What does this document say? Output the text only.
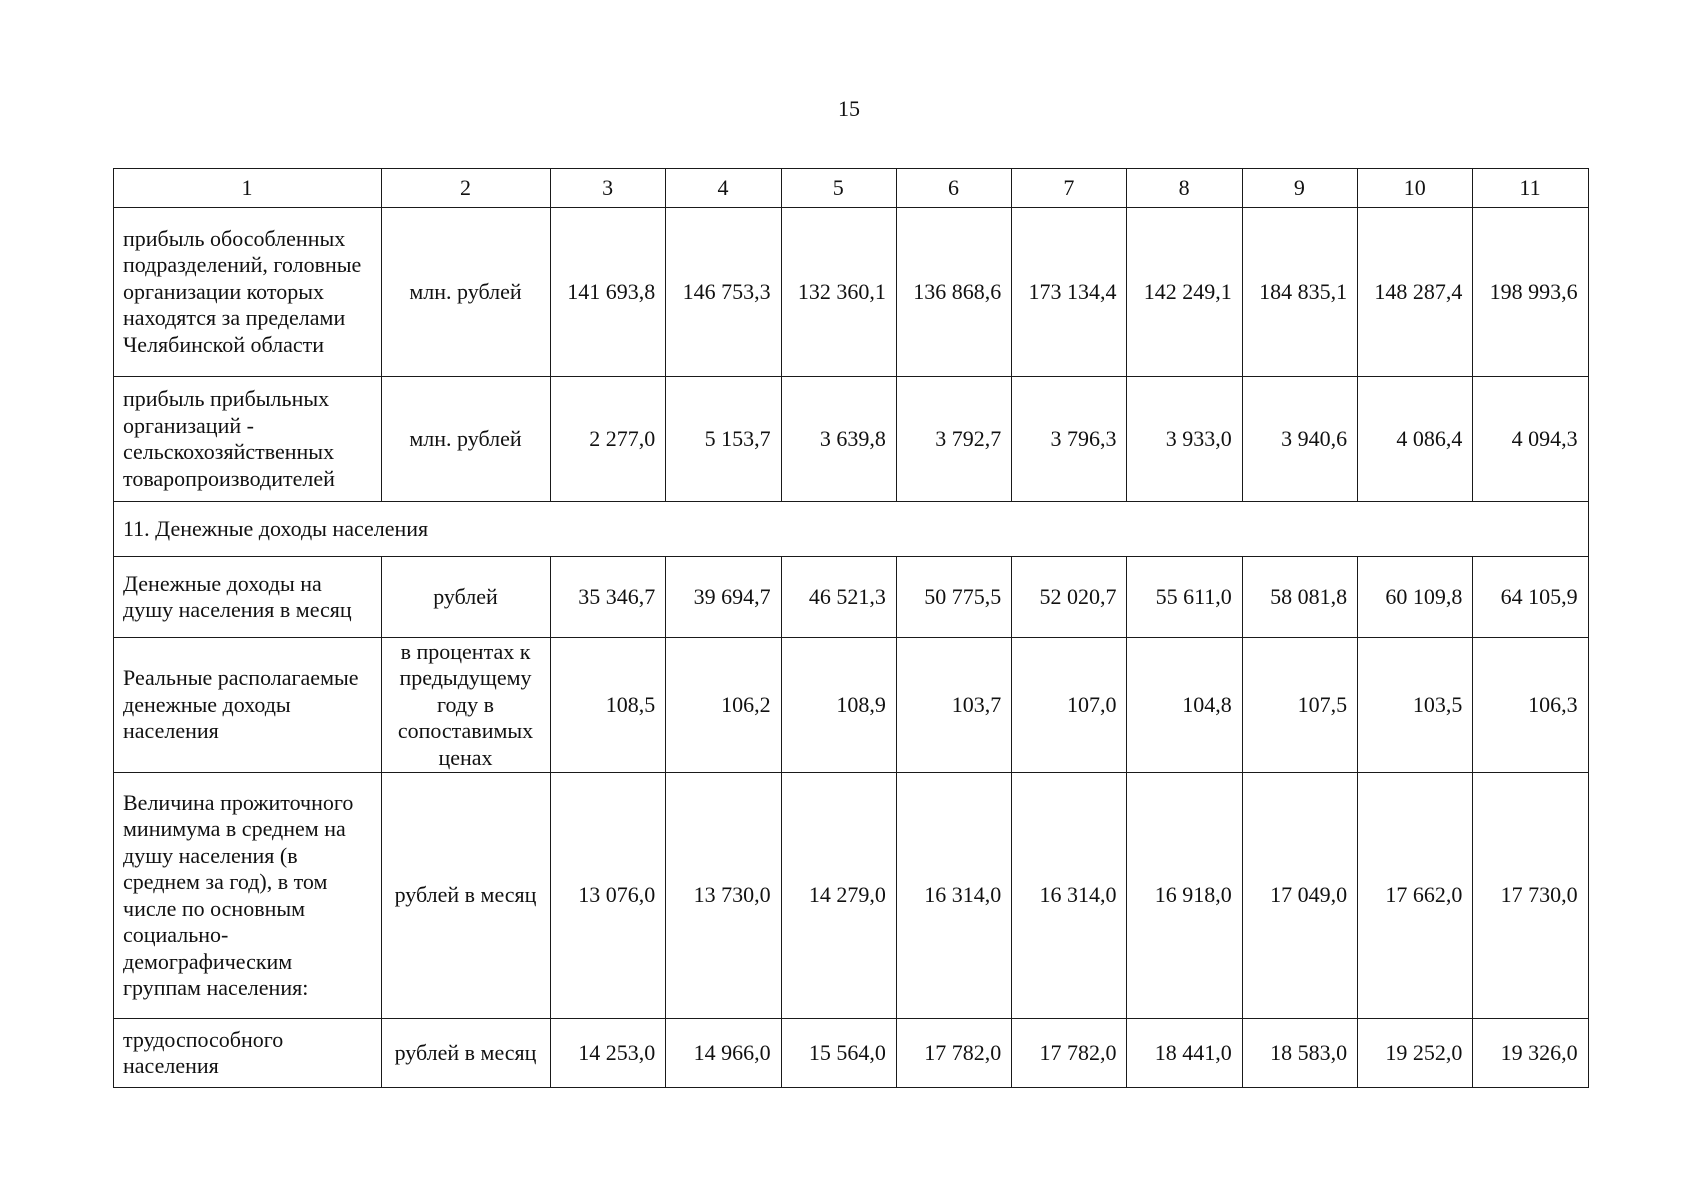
15
1	2	3	4	5	6	7	8	9	10	11
прибыль обособленных подразделений, головные организации которых находятся за пределами Челябинской области	млн. рублей	141 693,8	146 753,3	132 360,1	136 868,6	173 134,4	142 249,1	184 835,1	148 287,4	198 993,6
прибыль прибыльных организаций - сельскохозяйственных товаропроизводителей	млн. рублей	2 277,0	5 153,7	3 639,8	3 792,7	3 796,3	3 933,0	3 940,6	4 086,4	4 094,3
11. Денежные доходы населения										
Денежные доходы на душу населения в месяц	рублей	35 346,7	39 694,7	46 521,3	50 775,5	52 020,7	55 611,0	58 081,8	60 109,8	64 105,9
Реальные располагаемые денежные доходы населения	в процентах к предыдущему году в сопоставимых ценах	108,5	106,2	108,9	103,7	107,0	104,8	107,5	103,5	106,3
Величина прожиточного минимума в среднем на душу населения (в среднем за год), в том числе по основным социально-демографическим группам населения:	рублей в месяц	13 076,0	13 730,0	14 279,0	16 314,0	16 314,0	16 918,0	17 049,0	17 662,0	17 730,0
трудоспособного населения	рублей в месяц	14 253,0	14 966,0	15 564,0	17 782,0	17 782,0	18 441,0	18 583,0	19 252,0	19 326,0
